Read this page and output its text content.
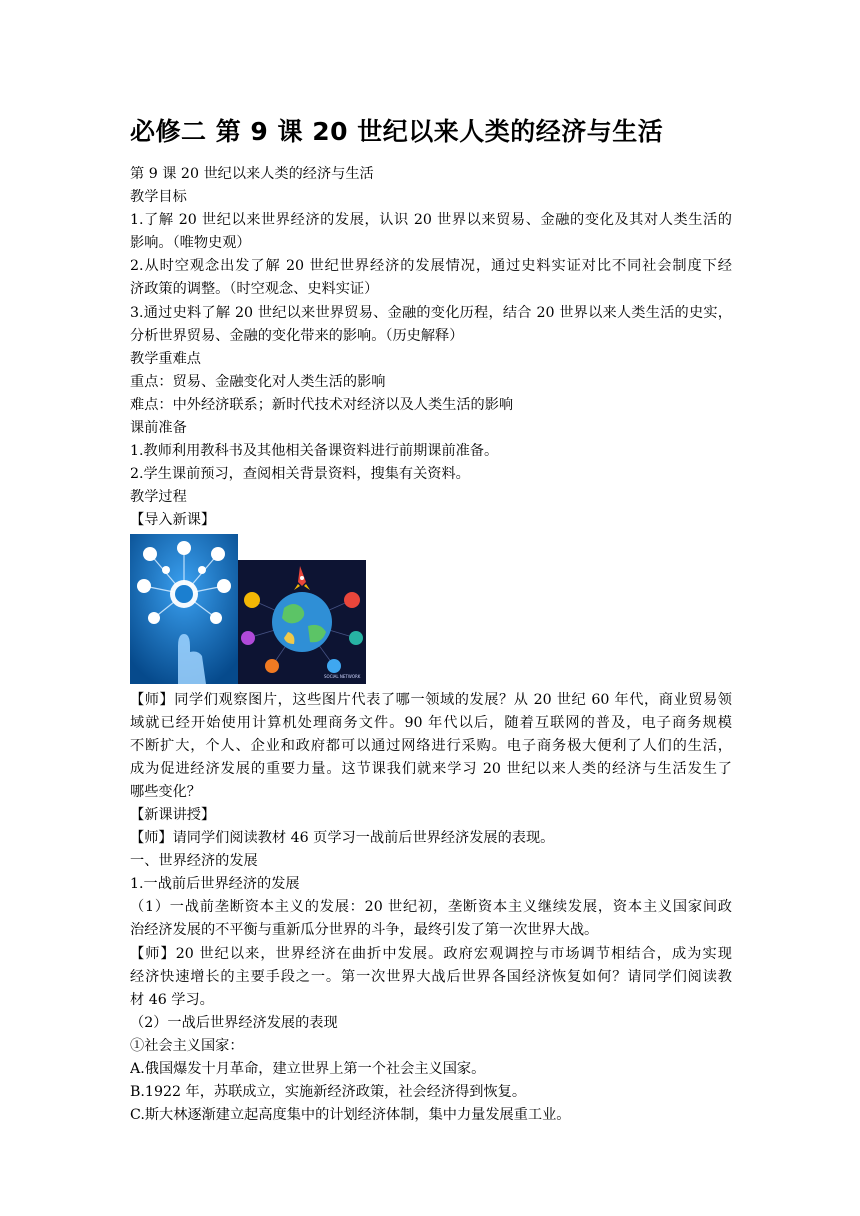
必修二 第 9 课 20 世纪以来人类的经济与生活
第 9 课 20 世纪以来人类的经济与生活
教学目标
1.了解 20 世纪以来世界经济的发展，认识 20 世界以来贸易、金融的变化及其对人类生活的
影响。（唯物史观）
2.从时空观念出发了解 20 世纪世界经济的发展情况，通过史料实证对比不同社会制度下经
济政策的调整。（时空观念、史料实证）
3.通过史料了解 20 世纪以来世界贸易、金融的变化历程，结合 20 世界以来人类生活的史实，
分析世界贸易、金融的变化带来的影响。（历史解释）
教学重难点
重点：贸易、金融变化对人类生活的影响
难点：中外经济联系；新时代技术对经济以及人类生活的影响
课前准备
1.教师利用教科书及其他相关备课资料进行前期课前准备。
2.学生课前预习，查阅相关背景资料，搜集有关资料。
教学过程
【导入新课】
SOCIAL NETWORK
【师】同学们观察图片，这些图片代表了哪一领域的发展？从 20 世纪 60 年代，商业贸易领
域就已经开始使用计算机处理商务文件。90 年代以后，随着互联网的普及，电子商务规模
不断扩大，个人、企业和政府都可以通过网络进行采购。电子商务极大便利了人们的生活，
成为促进经济发展的重要力量。这节课我们就来学习 20 世纪以来人类的经济与生活发生了
哪些变化？
【新课讲授】
【师】请同学们阅读教材 46 页学习一战前后世界经济发展的表现。
一、世界经济的发展
1.一战前后世界经济的发展
（1）一战前垄断资本主义的发展：20 世纪初，垄断资本主义继续发展，资本主义国家间政
治经济发展的不平衡与重新瓜分世界的斗争，最终引发了第一次世界大战。
【师】20 世纪以来，世界经济在曲折中发展。政府宏观调控与市场调节相结合，成为实现
经济快速增长的主要手段之一。第一次世界大战后世界各国经济恢复如何？请同学们阅读教
材 46 学习。
（2）一战后世界经济发展的表现
①社会主义国家：
A.俄国爆发十月革命，建立世界上第一个社会主义国家。
B.1922 年，苏联成立，实施新经济政策，社会经济得到恢复。
C.斯大林逐渐建立起高度集中的计划经济体制，集中力量发展重工业。
